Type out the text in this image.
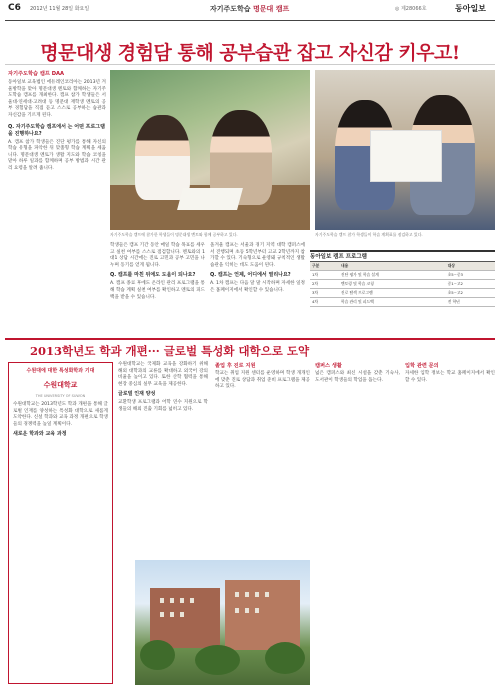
C6 2012년 11월 28일 화요일	자기주도학습 명문대 캠프	◎ 제28066호	동아일보
명문대생 경험담 통해 공부습관 잡고 자신감 키우고!
자기주도학습 캠프 DAA
동아일보 교육법인 에듀레인코리아는 2013년 겨울방학을 맞아 명문대생 멘토와 함께하는 자기주도학습 캠프를 개최한다. 캠프 참가 학생들은 서울대·연세대·고려대 등 명문대 재학생 멘토의 공부 경험담을 직접 듣고 스스로 공부하는 습관과 자신감을 기르게 된다.
Q. 자기주도학습 캠프에서 는 어떤 프로그램을 진행하나요?
A. 캠프 참가 학생들은 진단 평가를 통해 자신의 학습 유형을 파악한 뒤 맞춤형 학습 계획을 세웁니다. 명문대생 멘토가 생활 지도와 학습 코칭을 맡아 하루 일과를 함께하며 공부 방법과 시간 관리 요령을 알려 줍니다.
자기주도학습 캠프에 참가한 학생들이 명문대생 멘토와 함께 공부하고 있다.	자기주도학습 캠프 참가 학생들이 학습 계획표를 점검하고 있다.
학생들은 캠프 기간 동안 매일 학습 목표를 세우고 실천 여부를 스스로 점검합니다. 멘토와의 1대1 상담 시간에는 진로 고민과 공부 고민을 나누며 동기를 얻게 됩니다.
Q. 캠프를 마친 뒤에도 도움이 되나요?
A. 캠프 종료 후에도 온라인 관리 프로그램을 통해 학습 계획 실천 여부를 확인하고 멘토의 피드백을 받을 수 있습니다.
올겨울 캠프는 서울과 경기 지역 대학 캠퍼스에서 진행되며 초등 5학년부터 고교 2학년까지 참가할 수 있다. 기숙형으로 운영돼 규칙적인 생활 습관을 익히는 데도 도움이 된다.
Q. 캠프는 언제, 어디에서 열리나요?
A. 1차 캠프는 다음 달 말 시작하며 자세한 일정은 홈페이지에서 확인할 수 있습니다.
동아일보 캠프 프로그램
구분	내용	대상
1차	진단 평가 및 학습 설계	초5~중3
2차	멘토링 및 학습 코칭	중1~고2
3차	진로 탐색 프로그램	초5~고2
4차	학습 관리 및 피드백	전 학년
2013학년도 학과 개편··· 글로벌 특성화 대학으로 도약
수원대에 대한 특성화학과 기대
수원대학교
THE UNIVERSITY OF SUWON
수원대학교는 2013학년도 학과 개편을 통해 글로벌 인재를 양성하는 특성화 대학으로 새롭게 도약한다. 신설 학과와 교육 과정 개편으로 학생들의 경쟁력을 높일 계획이다.
새로운 학과와 교육 과정
수원대학교는 국제화 교육을 강화하기 위해 해외 대학과의 교류를 확대하고 외국어 강의 비율을 높이고 있다. 또한 산학 협력을 통해 현장 중심의 실무 교육을 제공한다.
글로벌 인재 양성
교환학생 프로그램과 어학 연수 지원으로 학생들의 해외 진출 기회를 넓히고 있다.
졸업 후 진로 지원
학교는 취업 지원 센터를 운영하며 학생 개개인에 맞춘 진로 상담과 취업 준비 프로그램을 제공하고 있다.
캠퍼스 생활
넓은 캠퍼스와 최신 시설을 갖춘 기숙사, 도서관이 학생들의 학업을 돕는다.
입학 관련 문의
자세한 입학 정보는 학교 홈페이지에서 확인할 수 있다.
